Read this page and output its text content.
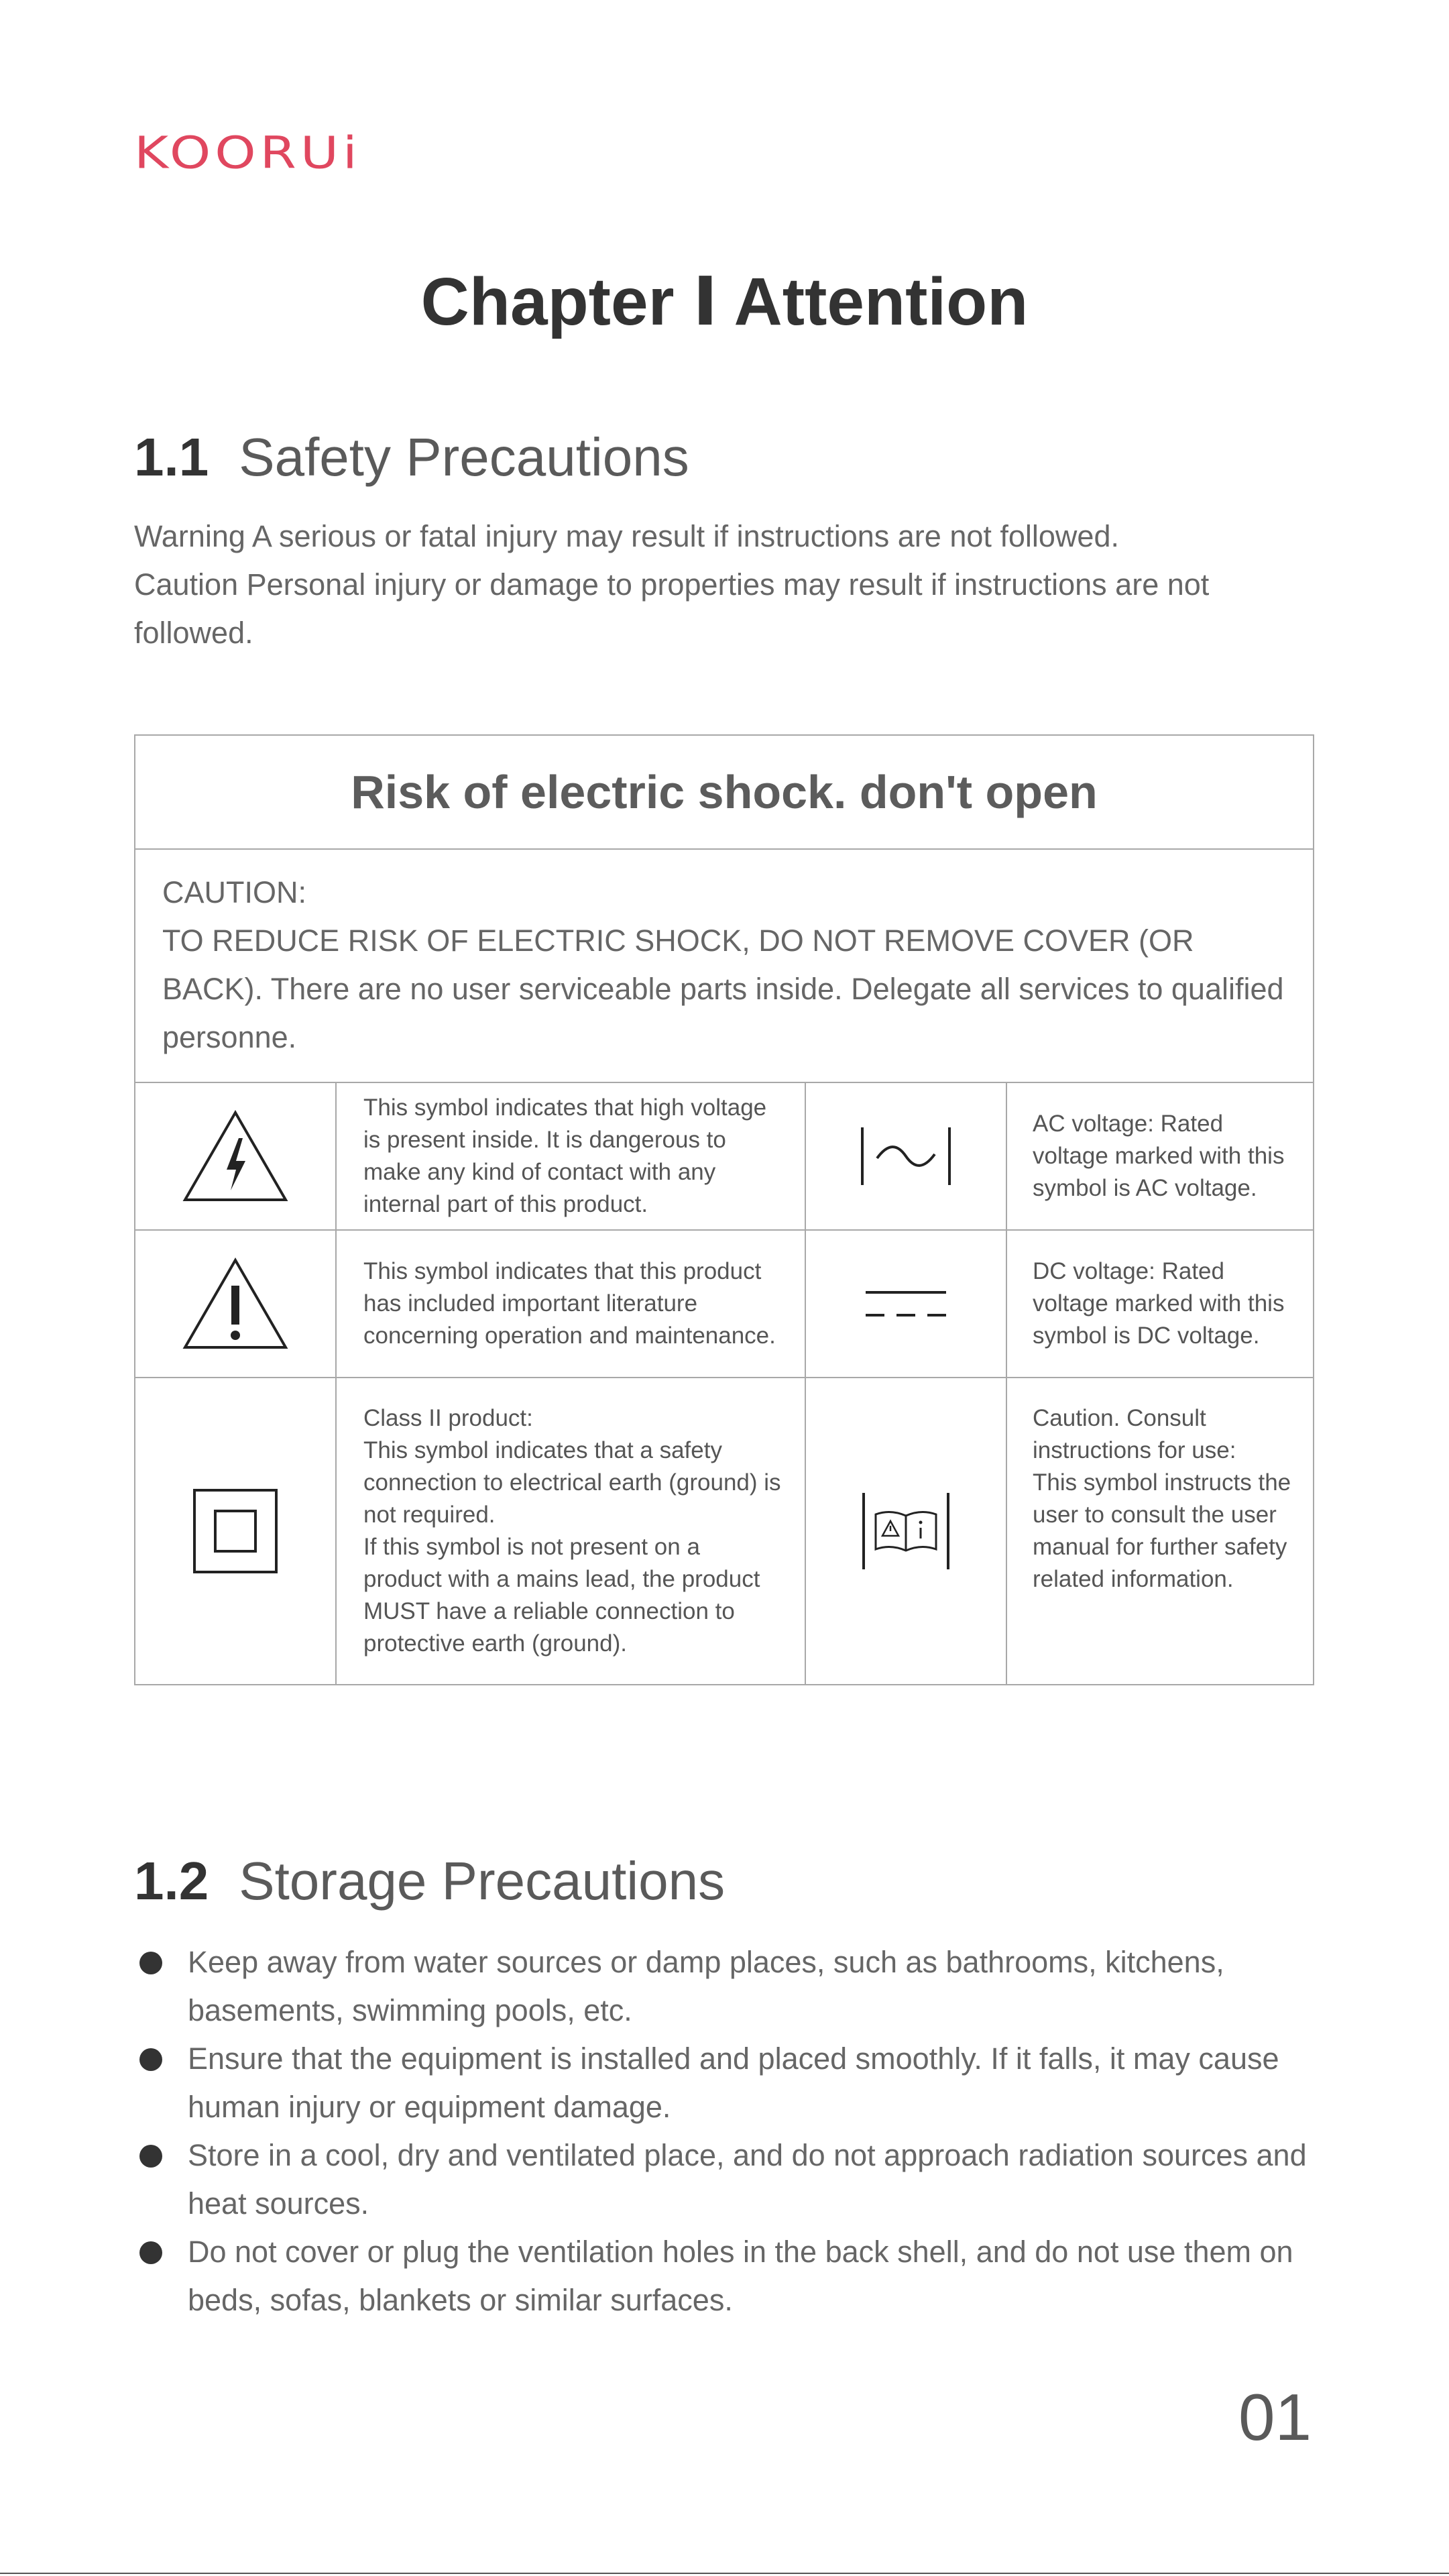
KOORUi
Chapter Ⅰ Attention
1.1 Safety Precautions

Warning A serious or fatal injury may result if instructions are not followed.

Caution Personal injury or damage to properties may result if instructions are not followed.

Risk of electric shock. don't open

CAUTION:

TO REDUCE RISK OF ELECTRIC SHOCK, DO NOT REMOVE COVER (OR BACK). There are no user serviceable parts inside. Delegate all services to qualified personne.

This symbol indicates that high voltage is present inside. It is dangerous to make any kind of contact with any internal part of this product.
AC voltage: Rated voltage marked with this symbol is AC voltage.
This symbol indicates that this product has included important literature concerning operation and maintenance.
DC voltage: Rated voltage marked with this symbol is DC voltage.
Class II product:
This symbol indicates that a safety connection to electrical earth (ground) is not required.
If this symbol is not present on a product with a mains lead, the product MUST have a reliable connection to protective earth (ground).
Caution. Consult instructions for use:
This symbol instructs the user to consult the user manual for further safety related information.
1.2 Storage Precautions
Keep away from water sources or damp places, such as bathrooms, kitchens, basements, swimming pools, etc.
Ensure that the equipment is installed and placed smoothly. If it falls, it may cause human injury or equipment damage.
Store in a cool, dry and ventilated place, and do not approach radiation sources and heat sources.
Do not cover or plug the ventilation holes in the back shell, and do not use them on beds, sofas, blankets or similar surfaces.
01
